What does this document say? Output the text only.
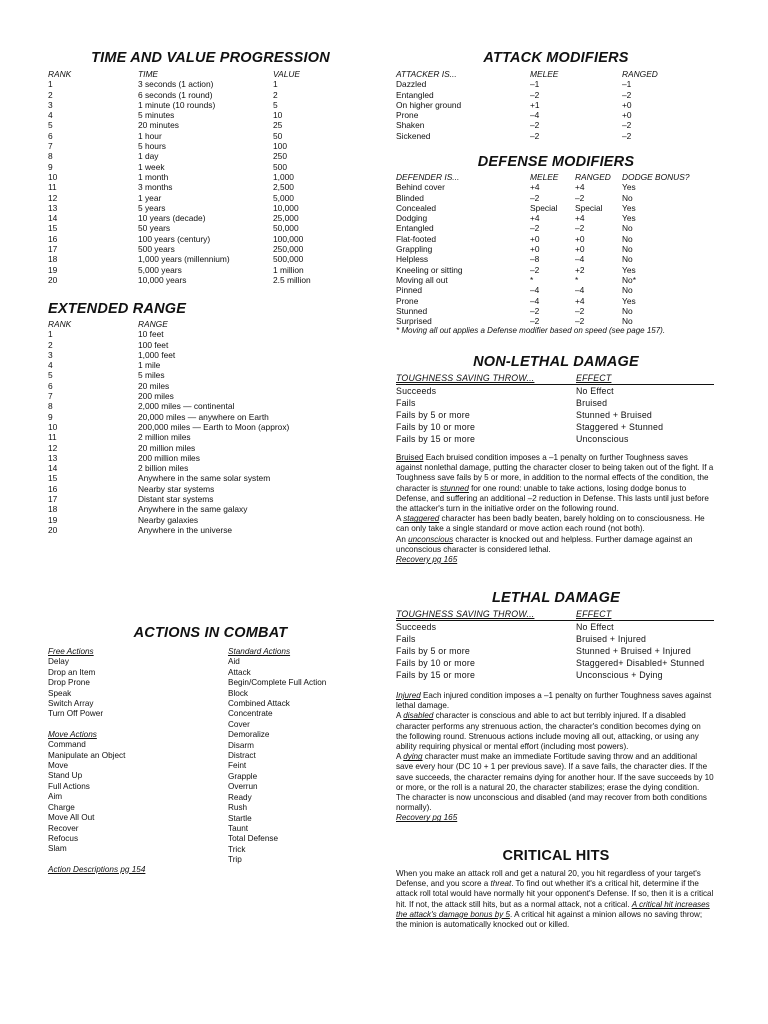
TIME AND VALUE PROGRESSION
RANK	TIME	VALUE
1	3 seconds (1 action)	1
2	6 seconds (1 round)	2
3	1 minute (10 rounds)	5
4	5 minutes	10
5	20 minutes	25
6	1 hour	50
7	5 hours	100
8	1 day	250
9	1 week	500
10	1 month	1,000
11	3 months	2,500
12	1 year	5,000
13	5 years	10,000
14	10 years (decade)	25,000
15	50 years	50,000
16	100 years (century)	100,000
17	500 years	250,000
18	1,000 years (millennium)	500,000
19	5,000 years	1 million
20	10,000 years	2.5 million
EXTENDED RANGE
RANK	RANGE
1	10 feet
2	100 feet
3	1,000 feet
4	1 mile
5	5 miles
6	20 miles
7	200 miles
8	2,000 miles — continental
9	20,000 miles — anywhere on Earth
10	200,000 miles — Earth to Moon (approx)
11	2 million miles
12	20 million miles
13	200 million miles
14	2 billion miles
15	Anywhere in the same solar system
16	Nearby star systems
17	Distant star systems
18	Anywhere in the same galaxy
19	Nearby galaxies
20	Anywhere in the universe
ACTIONS IN COMBAT
Free Actions
Delay
Drop an Item
Drop Prone
Speak
Switch Array
Turn Off Power
Move Actions
Command
Manipulate an Object
Move
Stand Up
Full Actions
Aim
Charge
Move All Out
Recover
Refocus
Slam
Action Descriptions pg 154
Standard Actions
Aid
Attack
Begin/Complete Full Action
Block
Combined Attack
Concentrate
Cover
Demoralize
Disarm
Distract
Feint
Grapple
Overrun
Ready
Rush
Startle
Taunt
Total Defense
Trick
Trip
ATTACK MODIFIERS
ATTACKER IS...	MELEE	RANGED
Dazzled	–1	–1
Entangled	–2	–2
On higher ground	+1	+0
Prone	–4	+0
Shaken	–2	–2
Sickened	–2	–2
DEFENSE MODIFIERS
DEFENDER IS...	MELEE	RANGED	DODGE BONUS?
Behind cover	+4	+4	Yes
Blinded	–2	–2	No
Concealed	Special	Special	Yes
Dodging	+4	+4	Yes
Entangled	–2	–2	No
Flat-footed	+0	+0	No
Grappling	+0	+0	No
Helpless	–8	–4	No
Kneeling or sitting	–2	+2	Yes
Moving all out	*	*	No*
Pinned	–4	–4	No
Prone	–4	+4	Yes
Stunned	–2	–2	No
Surprised	–2	–2	No
* Moving all out applies a Defense modifier based on speed (see page 157).
NON-LETHAL DAMAGE
TOUGHNESS SAVING THROW...	EFFECT
Succeeds	No Effect
Fails	Bruised
Fails by 5 or more	Stunned + Bruised
Fails by 10 or more	Staggered + Stunned
Fails by 15 or more	Unconscious

Bruised Each bruised condition imposes a –1 penalty on further Toughness saves against nonlethal damage, putting the character closer to being taken out of the fight. If a Toughness save fails by 5 or more, in addition to the normal effects of the condition, the character is stunned for one round: unable to take actions, losing dodge bonus to Defense, and suffering an additional –2 reduction in Defense. This lasts until just before the attacker's turn in the initiative order on the following round.

A staggered character has been badly beaten, barely holding on to consciousness. He can only take a single standard or move action each round (not both).

An unconscious character is knocked out and helpless. Further damage against an unconscious character is considered lethal.

Recovery pg 165
LETHAL DAMAGE
TOUGHNESS SAVING THROW...	EFFECT
Succeeds	No Effect
Fails	Bruised + Injured
Fails by 5 or more	Stunned + Bruised + Injured
Fails by 10 or more	Staggered+ Disabled+ Stunned
Fails by 15 or more	Unconscious + Dying

Injured Each injured condition imposes a –1 penalty on further Toughness saves against lethal damage.

A disabled character is conscious and able to act but terribly injured. If a disabled character performs any strenuous action, the character's condition becomes dying on the following round. Strenuous actions include moving all out, attacking, or using any ability requiring physical or mental effort (including most powers).

A dying character must make an immediate Fortitude saving throw and an additional save every hour (DC 10 + 1 per previous save). If a save fails, the character dies. If the save succeeds, the character remains dying for another hour. If the save succeeds by 10 or more, or the roll is a natural 20, the character stabilizes; erase the dying condition. The character is now unconscious and disabled (and may recover from both conditions normally).

Recovery pg 165
CRITICAL HITS

When you make an attack roll and get a natural 20, you hit regardless of your target's Defense, and you score a threat. To find out whether it's a critical hit, determine if the attack roll total would have normally hit your opponent's Defense. If so, then it is a critical hit. If not, the attack still hits, but as a normal attack, not a critical. A critical hit increases the attack's damage bonus by 5. A critical hit against a minion allows no saving throw; the minion is automatically knocked out or killed.
